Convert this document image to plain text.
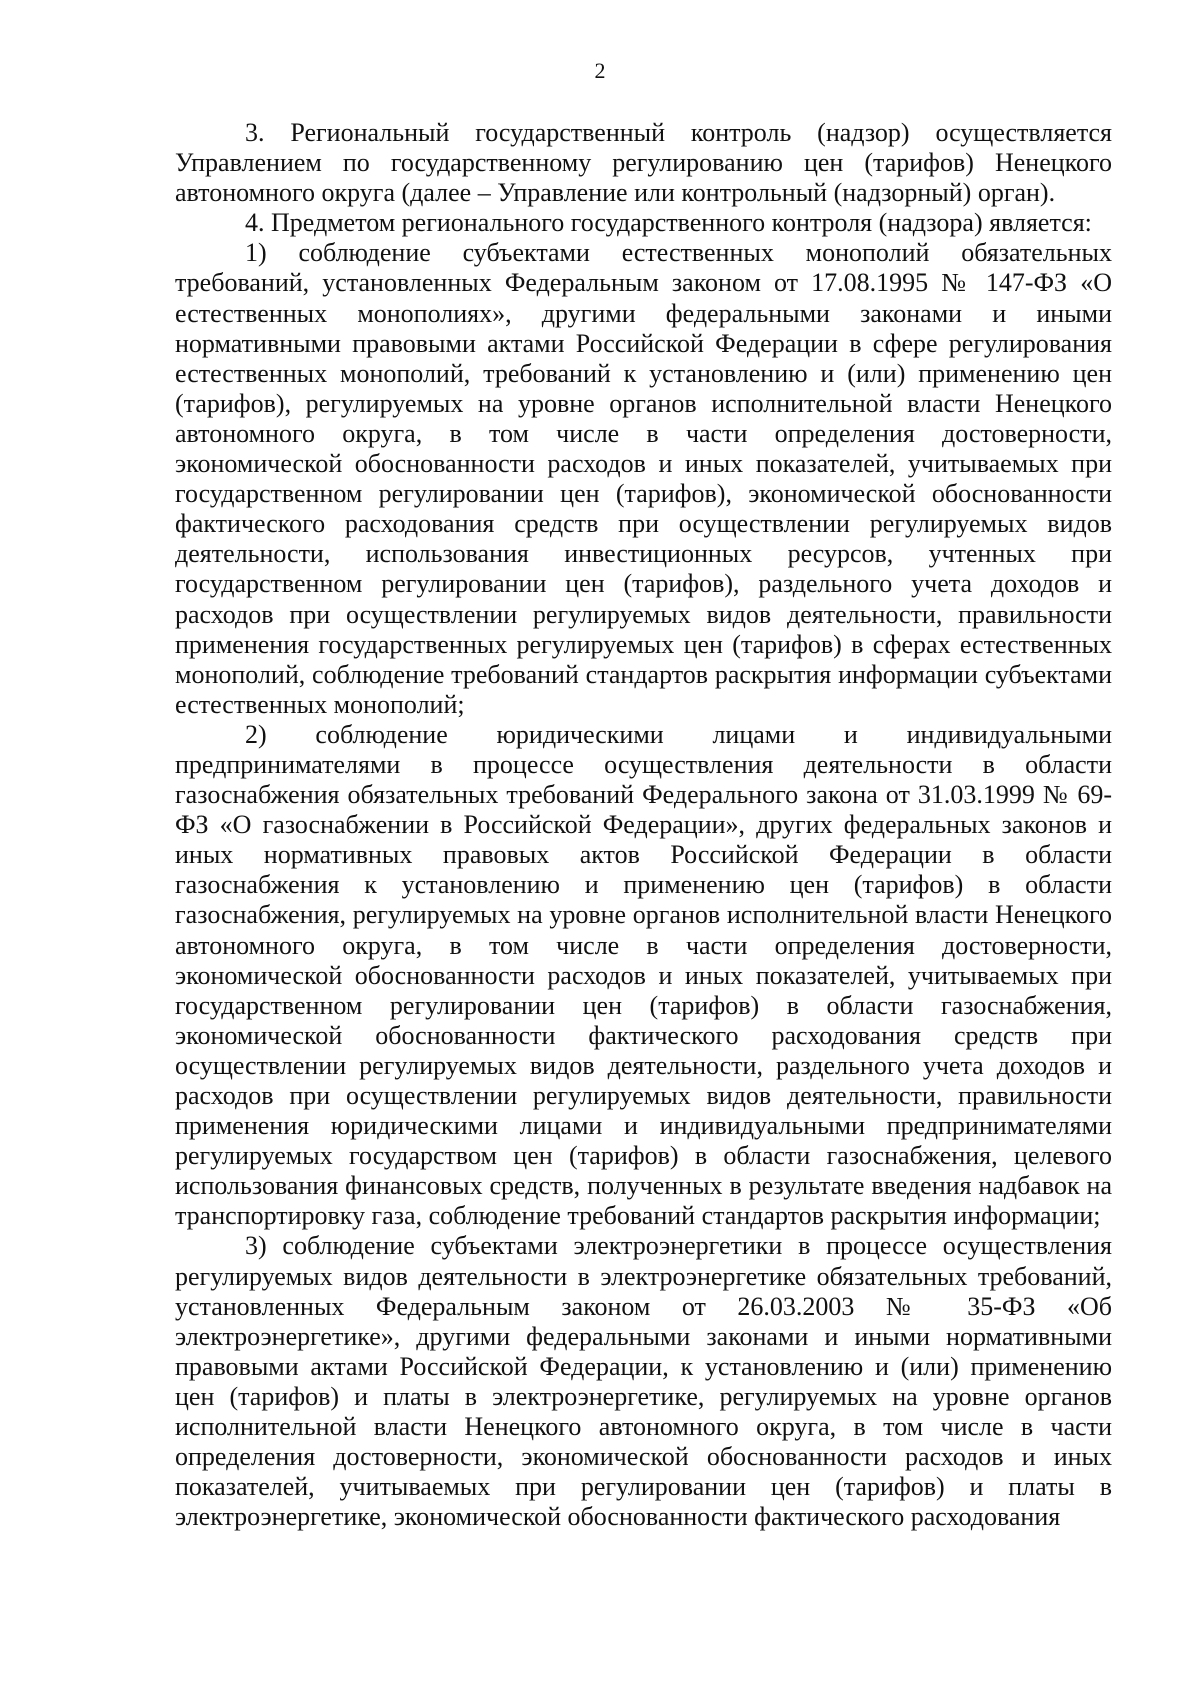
2

3. Региональный государственный контроль (надзор) осуществляется Управлением по государственному регулированию цен (тарифов) Ненецкого автономного округа (далее – Управление или контрольный (надзорный) орган).

4. Предметом регионального государственного контроля (надзора) является:

1) соблюдение субъектами естественных монополий обязательных требований, установленных Федеральным законом от 17.08.1995 № 147-ФЗ «О естественных монополиях», другими федеральными законами и иными нормативными правовыми актами Российской Федерации в сфере регулирования естественных монополий, требований к установлению и (или) применению цен (тарифов), регулируемых на уровне органов исполнительной власти Ненецкого автономного округа, в том числе в части определения достоверности, экономической обоснованности расходов и иных показателей, учитываемых при государственном регулировании цен (тарифов), экономической обоснованности фактического расходования средств при осуществлении регулируемых видов деятельности, использования инвестиционных ресурсов, учтенных при государственном регулировании цен (тарифов), раздельного учета доходов и расходов при осуществлении регулируемых видов деятельности, правильности применения государственных регулируемых цен (тарифов) в сферах естественных монополий, соблюдение требований стандартов раскрытия информации субъектами естественных монополий;

2) соблюдение юридическими лицами и индивидуальными предпринимателями в процессе осуществления деятельности в области газоснабжения обязательных требований Федерального закона от 31.03.1999 № 69-ФЗ «О газоснабжении в Российской Федерации», других федеральных законов и иных нормативных правовых актов Российской Федерации в области газоснабжения к установлению и применению цен (тарифов) в области газоснабжения, регулируемых на уровне органов исполнительной власти Ненецкого автономного округа, в том числе в части определения достоверности, экономической обоснованности расходов и иных показателей, учитываемых при государственном регулировании цен (тарифов) в области газоснабжения, экономической обоснованности фактического расходования средств при осуществлении регулируемых видов деятельности, раздельного учета доходов и расходов при осуществлении регулируемых видов деятельности, правильности применения юридическими лицами и индивидуальными предпринимателями регулируемых государством цен (тарифов) в области газоснабжения, целевого использования финансовых средств, полученных в результате введения надбавок на транспортировку газа, соблюдение требований стандартов раскрытия информации;

3) соблюдение субъектами электроэнергетики в процессе осуществления регулируемых видов деятельности в электроэнергетике обязательных требований, установленных Федеральным законом от 26.03.2003 № 35-ФЗ «Об электроэнергетике», другими федеральными законами и иными нормативными правовыми актами Российской Федерации, к установлению и (или) применению цен (тарифов) и платы в электроэнергетике, регулируемых на уровне органов исполнительной власти Ненецкого автономного округа, в том числе в части определения достоверности, экономической обоснованности расходов и иных показателей, учитываемых при регулировании цен (тарифов) и платы в электроэнергетике, экономической обоснованности фактического расходования
